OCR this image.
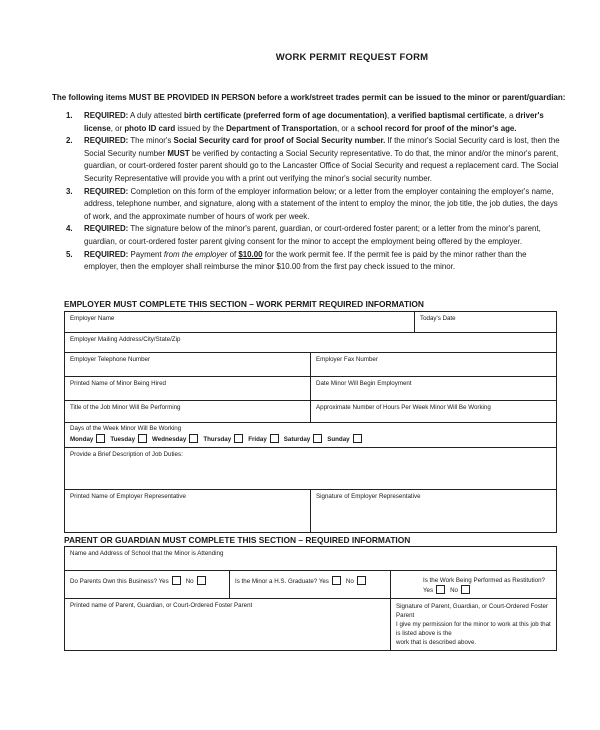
WORK PERMIT REQUEST FORM
The following items MUST BE PROVIDED IN PERSON before a work/street trades permit can be issued to the minor or parent/guardian:
1. REQUIRED: A duly attested birth certificate (preferred form of age documentation), a verified baptismal certificate, a driver's license, or photo ID card issued by the Department of Transportation, or a school record for proof of the minor's age.
2. REQUIRED: The minor's Social Security card for proof of Social Security number. If the minor's Social Security card is lost, then the Social Security number MUST be verified by contacting a Social Security representative. To do that, the minor and/or the minor's parent, guardian, or court-ordered foster parent should go to the Lancaster Office of Social Security and request a replacement card. The Social Security Representative will provide you with a print out verifying the minor's social security number.
3. REQUIRED: Completion on this form of the employer information below; or a letter from the employer containing the employer's name, address, telephone number, and signature, along with a statement of the intent to employ the minor, the job title, the job duties, the days of work, and the approximate number of hours of work per week.
4. REQUIRED: The signature below of the minor's parent, guardian, or court-ordered foster parent; or a letter from the minor's parent, guardian, or court-ordered foster parent giving consent for the minor to accept the employment being offered by the employer.
5. REQUIRED: Payment from the employer of $10.00 for the work permit fee. If the permit fee is paid by the minor rather than the employer, then the employer shall reimburse the minor $10.00 from the first pay check issued to the minor.
EMPLOYER MUST COMPLETE THIS SECTION – WORK PERMIT REQUIRED INFORMATION
Employer Name		Today's Date
Employer Mailing Address/City/State/Zip		
Employer Telephone Number	Employer Fax Number	
Printed Name of Minor Being Hired	Date Minor Will Begin Employment	
Title of the Job Minor Will Be Performing	Approximate Number of Hours Per Week Minor Will Be Working	

Days of the Week Minor Will Be Working
Monday Tuesday Wednesday Thursday Friday Saturday Sunday		

Provide a Brief Description of Job Duties:		
Printed Name of Employer Representative	Signature of Employer Representative	
PARENT OR GUARDIAN MUST COMPLETE THIS SECTION – REQUIRED INFORMATION
Name and Address of School that the Minor is Attending		
Do Parents Own this Business? Yes No	Is the Minor a H.S. Graduate? Yes No	Is the Work Being Performed as Restitution?
Yes No
Printed name of Parent, Guardian, or Court-Ordered Foster Parent		Signature of Parent, Guardian, or Court-Ordered Foster Parent
I give my permission for the minor to work at this job that is listed above is the
work that is described above.
